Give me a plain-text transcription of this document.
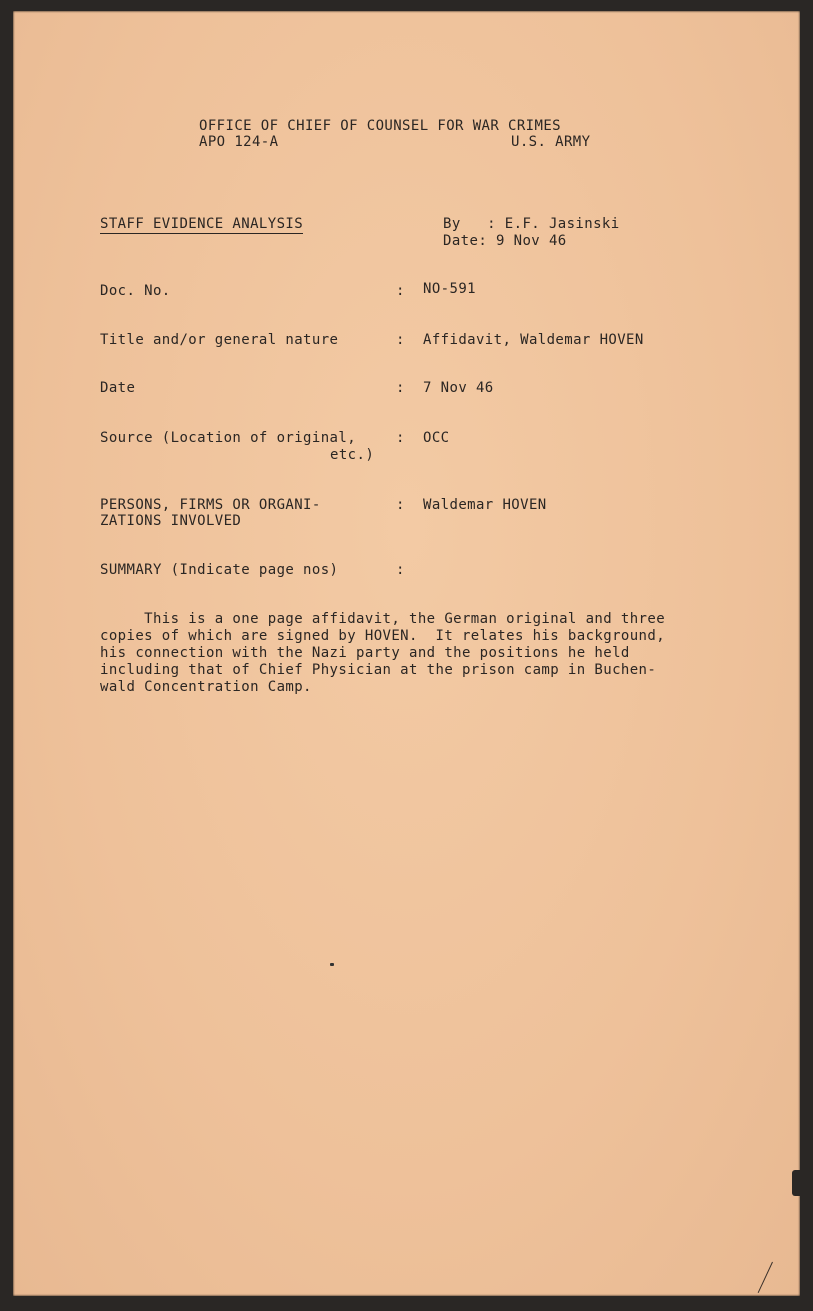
OFFICE OF CHIEF OF COUNSEL FOR WAR CRIMES
APO 124-A	U.S. ARMY
STAFF EVIDENCE ANALYSIS	By   : E.F. Jasinski
Date: 9 Nov 46
Doc. No.	: NO-591
Title and/or general nature	: Affidavit, Waldemar HOVEN
Date	: 7 Nov 46
Source (Location of original,
etc.)
: OCC
PERSONS, FIRMS OR ORGANI-
ZATIONS INVOLVED
: Waldemar HOVEN
SUMMARY (Indicate page nos)	:
This is a one page affidavit, the German original and three
copies of which are signed by HOVEN.  It relates his background,
his connection with the Nazi party and the positions he held
including that of Chief Physician at the prison camp in Buchen-
wald Concentration Camp.
